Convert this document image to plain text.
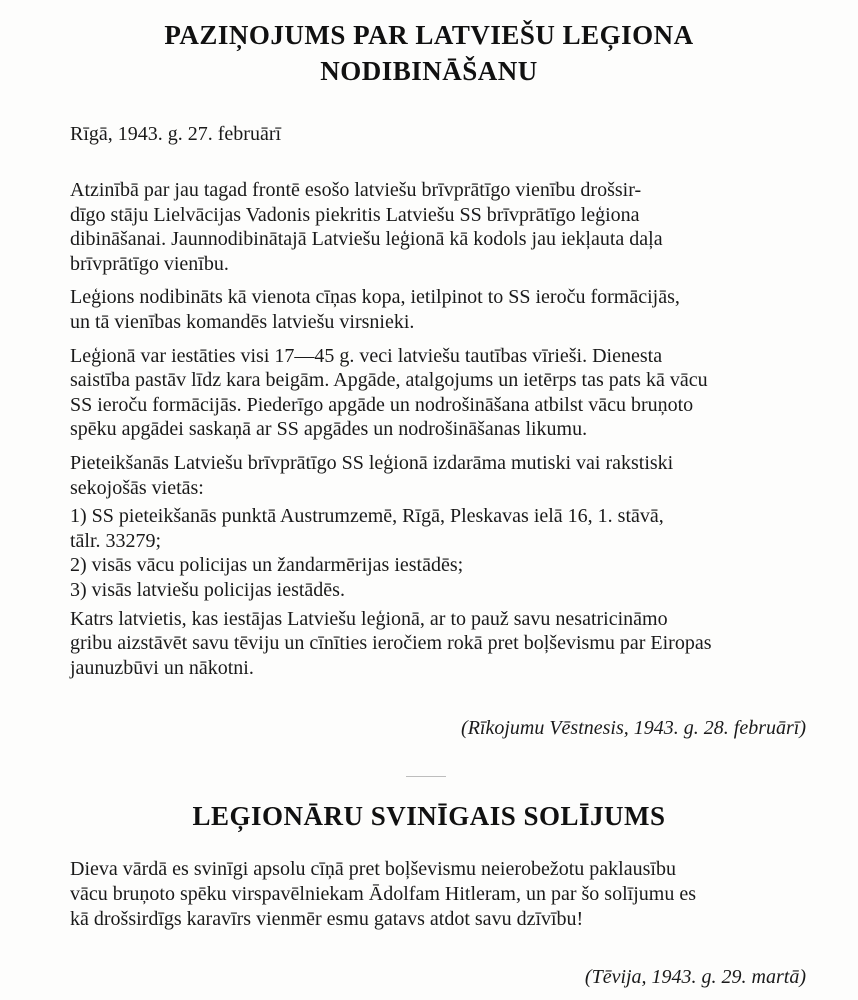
PAZIŅOJUMS PAR LATVIEŠU LEĢIONA
NODIBINĀŠANU
Rīgā, 1943. g. 27. februārī
Atzinībā par jau tagad frontē esošo latviešu brīvprātīgo vienību drošsir-
dīgo stāju Lielvācijas Vadonis piekritis Latviešu SS brīvprātīgo leģiona
dibināšanai. Jaunnodibinātajā Latviešu leģionā kā kodols jau iekļauta daļa
brīvprātīgo vienību.
Leģions nodibināts kā vienota cīņas kopa, ietilpinot to SS ieroču formācijās,
un tā vienības komandēs latviešu virsnieki.
Leģionā var iestāties visi 17—45 g. veci latviešu tautības vīrieši. Dienesta
saistība pastāv līdz kara beigām. Apgāde, atalgojums un ietērps tas pats kā vācu
SS ieroču formācijās. Piederīgo apgāde un nodrošināšana atbilst vācu bruņoto
spēku apgādei saskaņā ar SS apgādes un nodrošināšanas likumu.
Pieteikšanās Latviešu brīvprātīgo SS leģionā izdarāma mutiski vai rakstiski
sekojošās vietās:
1) SS pieteikšanās punktā Austrumzemē, Rīgā, Pleskavas ielā 16, 1. stāvā,
tālr. 33279;
2) visās vācu policijas un žandarmērijas iestādēs;
3) visās latviešu policijas iestādēs.
Katrs latvietis, kas iestājas Latviešu leģionā, ar to pauž savu nesatricināmo
gribu aizstāvēt savu tēviju un cīnīties ieročiem rokā pret boļševismu par Eiropas
jaunuzbūvi un nākotni.
(Rīkojumu Vēstnesis, 1943. g. 28. februārī)
LEĢIONĀRU SVINĪGAIS SOLĪJUMS
Dieva vārdā es svinīgi apsolu cīņā pret boļševismu neierobežotu paklausību
vācu bruņoto spēku virspavēlniekam Ādolfam Hitleram, un par šo solījumu es
kā drošsirdīgs karavīrs vienmēr esmu gatavs atdot savu dzīvību!
(Tēvija, 1943. g. 29. martā)
